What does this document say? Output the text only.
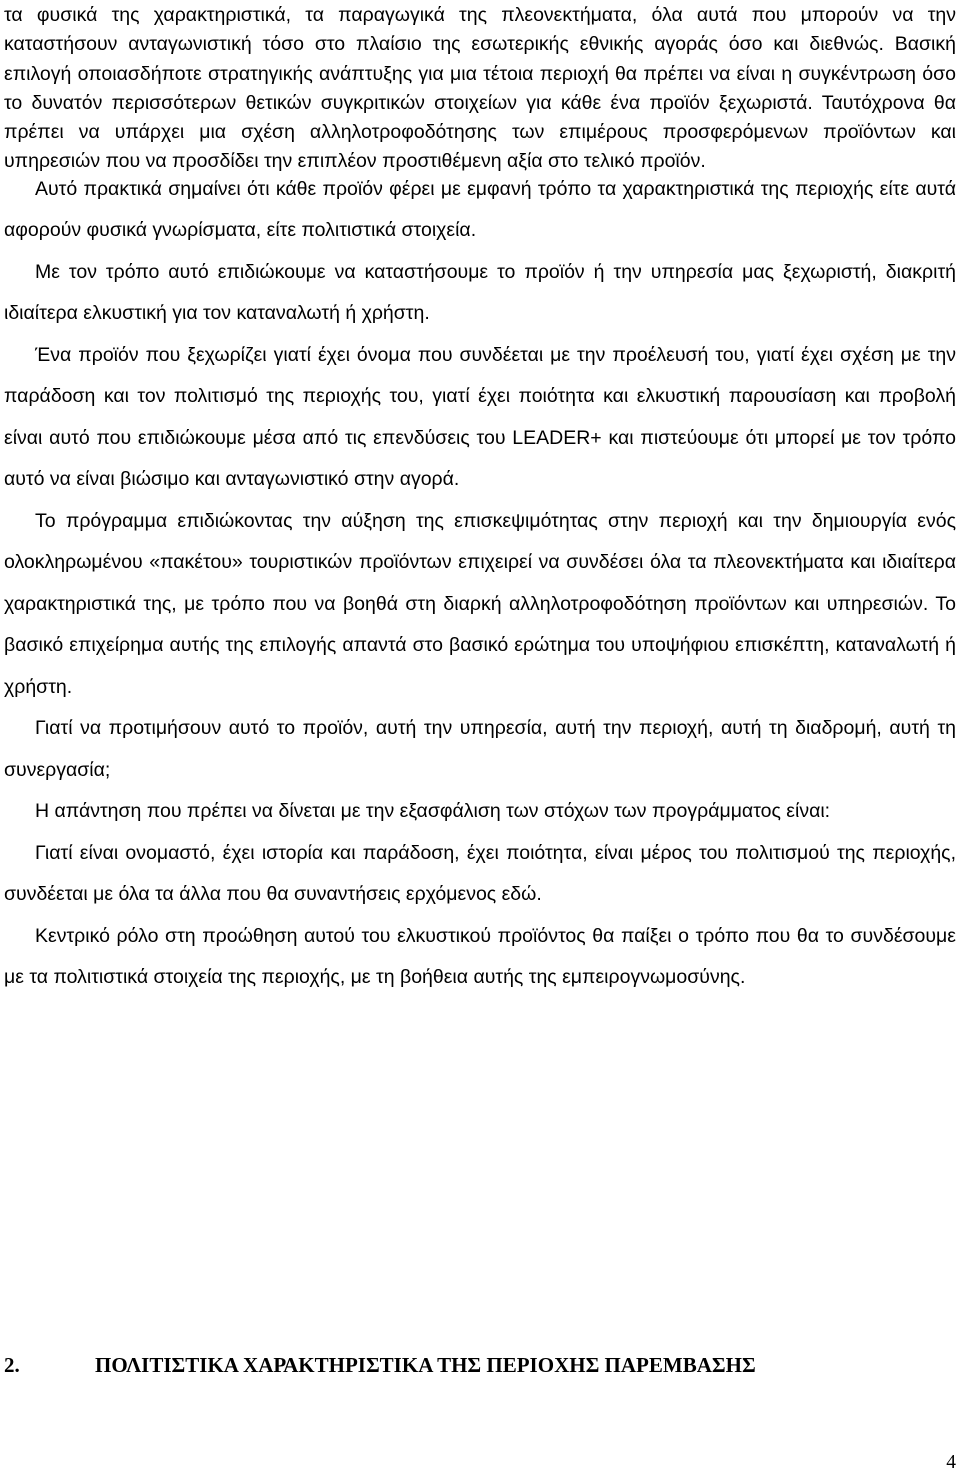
τα φυσικά της χαρακτηριστικά, τα παραγωγικά της πλεονεκτήματα, όλα αυτά που μπορούν να την καταστήσουν ανταγωνιστική τόσο στο πλαίσιο της εσωτερικής εθνικής αγοράς όσο και διεθνώς. Βασική επιλογή οποιασδήποτε στρατηγικής ανάπτυξης για μια τέτοια περιοχή θα πρέπει να είναι η συγκέντρωση όσο το δυνατόν περισσότερων θετικών συγκριτικών στοιχείων για κάθε ένα προϊόν ξεχωριστά. Ταυτόχρονα θα πρέπει να υπάρχει μια σχέση αλληλοτροφοδότησης των επιμέρους προσφερόμενων προϊόντων και υπηρεσιών που να προσδίδει την επιπλέον προστιθέμενη αξία στο τελικό προϊόν.

Αυτό πρακτικά σημαίνει ότι κάθε προϊόν φέρει με εμφανή τρόπο τα χαρακτηριστικά της περιοχής είτε αυτά αφορούν φυσικά γνωρίσματα, είτε πολιτιστικά στοιχεία.

Με τον τρόπο αυτό επιδιώκουμε να καταστήσουμε το προϊόν ή την υπηρεσία μας ξεχωριστή, διακριτή ιδιαίτερα ελκυστική για τον καταναλωτή ή χρήστη.

Ένα προϊόν που ξεχωρίζει γιατί έχει όνομα που συνδέεται με την προέλευσή του, γιατί έχει σχέση με την παράδοση και τον πολιτισμό της περιοχής του, γιατί έχει ποιότητα και ελκυστική παρουσίαση και προβολή είναι αυτό που επιδιώκουμε μέσα από τις επενδύσεις του LEADER+ και πιστεύουμε ότι μπορεί με τον τρόπο αυτό να είναι βιώσιμο και ανταγωνιστικό στην αγορά.

Το πρόγραμμα επιδιώκοντας την αύξηση της επισκεψιμότητας στην περιοχή και την δημιουργία ενός ολοκληρωμένου «πακέτου» τουριστικών προϊόντων επιχειρεί να συνδέσει όλα τα πλεονεκτήματα και ιδιαίτερα χαρακτηριστικά της, με τρόπο που να βοηθά στη διαρκή αλληλοτροφοδότηση προϊόντων και υπηρεσιών. Το βασικό επιχείρημα αυτής της επιλογής απαντά στο βασικό ερώτημα του υποψήφιου επισκέπτη, καταναλωτή ή χρήστη.

Γιατί να προτιμήσουν αυτό το προϊόν, αυτή την υπηρεσία, αυτή την περιοχή, αυτή τη διαδρομή, αυτή τη συνεργασία;

Η απάντηση που πρέπει να δίνεται με την εξασφάλιση των στόχων των προγράμματος είναι:

Γιατί είναι ονομαστό, έχει ιστορία και παράδοση, έχει ποιότητα, είναι μέρος του πολιτισμού της περιοχής, συνδέεται με όλα τα άλλα που θα συναντήσεις ερχόμενος εδώ.

Κεντρικό ρόλο στη προώθηση αυτού του ελκυστικού προϊόντος θα παίξει ο τρόπο που θα το συνδέσουμε με τα πολιτιστικά στοιχεία της περιοχής, με τη βοήθεια αυτής της εμπειρογνωμοσύνης.

2.	ΠΟΛΙΤΙΣΤΙΚΑ ΧΑΡΑΚΤΗΡΙΣΤΙΚΑ ΤΗΣ ΠΕΡΙΟΧΗΣ ΠΑΡΕΜΒΑΣΗΣ
4
